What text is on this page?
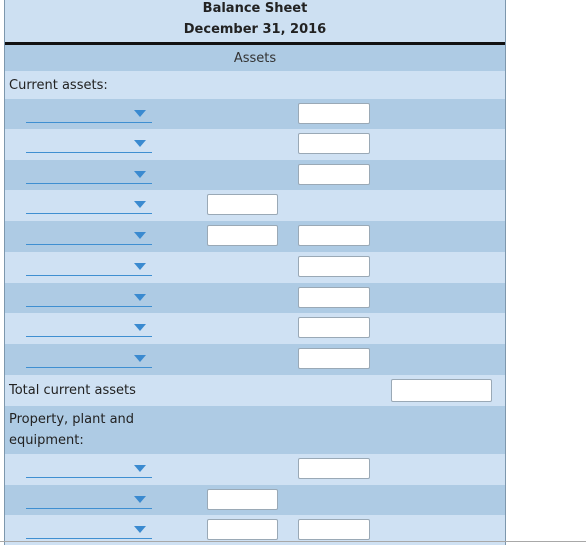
Balance Sheet
December 31, 2016
Assets
Current assets:
Total current assets
Property, plant and equipment:
